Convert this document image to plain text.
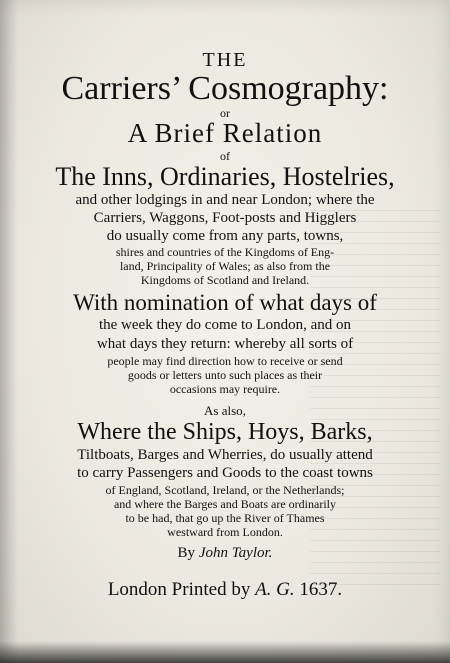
THE
Carriers’ Cosmography:
or
A Brief Relation
of
The Inns, Ordinaries, Hostelries,
and other lodgings in and near London; where the
Carriers, Waggons, Foot-posts and Higglers
do usually come from any parts, towns,
shires and countries of the Kingdoms of Eng-
land, Principality of Wales; as also from the
Kingdoms of Scotland and Ireland.
With nomination of what days of
the week they do come to London, and on
what days they return: whereby all sorts of
people may find direction how to receive or send
goods or letters unto such places as their
occasions may require.
As also,
Where the Ships, Hoys, Barks,
Tiltboats, Barges and Wherries, do usually attend
to carry Passengers and Goods to the coast towns
of England, Scotland, Ireland, or the Netherlands;
and where the Barges and Boats are ordinarily
to be had, that go up the River of Thames
westward from London.
By John Taylor.
London Printed by A. G. 1637.
